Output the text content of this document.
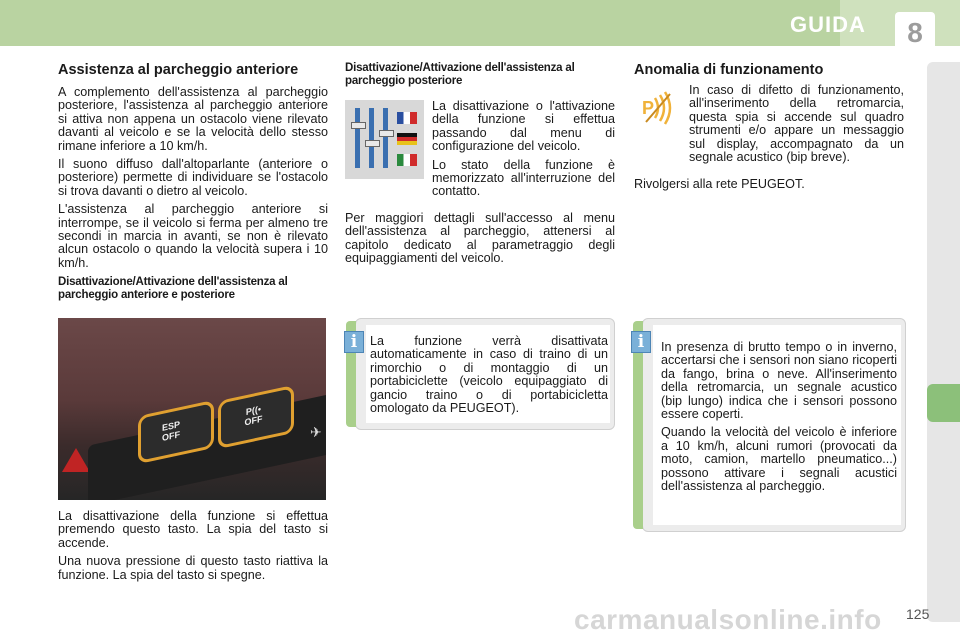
GUIDA	8
Assistenza al parcheggio anteriore

A complemento dell'assistenza al parcheggio posteriore, l'assistenza al parcheggio anteriore si attiva non appena un ostacolo viene rilevato davanti al veicolo e se la velocità dello stesso rimane inferiore a 10 km/h.

Il suono diffuso dall'altoparlante (anteriore o posteriore) permette di individuare se l'ostacolo si trova davanti o dietro al veicolo.

L'assistenza al parcheggio anteriore si interrompe, se il veicolo si ferma per almeno tre secondi in marcia in avanti, se non è rilevato alcun ostacolo o quando la velocità supera i 10 km/h.

Disattivazione/Attivazione dell'assistenza al parcheggio anteriore e posteriore
ESP
OFF
P((•
OFF
✈

La disattivazione della funzione si effettua premendo questo tasto. La spia del tasto si accende.

Una nuova pressione di questo tasto riattiva la funzione. La spia del tasto si spegne.

Disattivazione/Attivazione dell'assistenza al parcheggio posteriore

La disattivazione o l'attivazione della funzione si effettua passando dal menu di configurazione del veicolo.

Lo stato della funzione è memorizzato all'interruzione del contatto.

Per maggiori dettagli sull'accesso al menu dell'assistenza al parcheggio, attenersi al capitolo dedicato al parametraggio degli equipaggiamenti del veicolo.

i	La funzione verrà disattivata automaticamente in caso di traino di un rimorchio o di montaggio di un portabiciclette (veicolo equipaggiato di gancio traino o di portabicicletta omologato da PEUGEOT).

Anomalia di funzionamento
P

In caso di difetto di funzionamento, all'inserimento della retromarcia, questa spia si accende sul quadro strumenti e/o appare un messaggio sul display, accompagnato da un segnale acustico (bip breve).

Rivolgersi alla rete PEUGEOT.

i	In presenza di brutto tempo o in inverno, accertarsi che i sensori non siano ricoperti da fango, brina o neve. All'inserimento della retromarcia, un segnale acustico (bip lungo) indica che i sensori possono essere coperti.

Quando la velocità del veicolo è inferiore a 10 km/h, alcuni rumori (provocati da moto, camion, martello pneumatico...) possono attivare i segnali acustici dell'assistenza al parcheggio.

carmanualsonline.info 125
